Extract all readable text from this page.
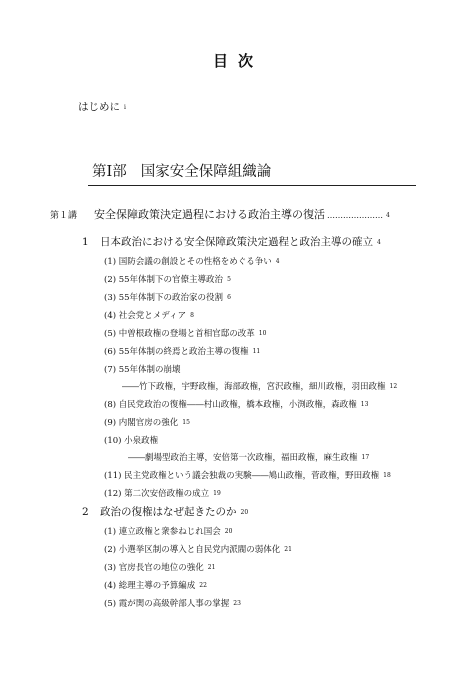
目次
はじめに i
第Ⅰ部 国家安全保障組織論
第１講 安全保障政策決定過程における政治主導の復活 ………………… 4
1 日本政治における安全保障政策決定過程と政治主導の確立 4
(1) 国防会議の創設とその性格をめぐる争い 4
(2) 55年体制下の官僚主導政治 5
(3) 55年体制下の政治家の役割 6
(4) 社会党とメディア 8
(5) 中曽根政権の登場と首相官邸の改革 10
(6) 55年体制の終焉と政治主導の復権 11
(7) 55年体制の崩壊
――竹下政権，宇野政権，海部政権，宮沢政権，細川政権，羽田政権 12
(8) 自民党政治の復権――村山政権，橋本政権，小渕政権，森政権 13
(9) 内閣官房の強化 15
(10) 小泉政権
――劇場型政治主導，安倍第一次政権，福田政権，麻生政権 17
(11) 民主党政権という議会独裁の実験――鳩山政権，菅政権，野田政権 18
(12) 第二次安倍政権の成立 19
2 政治の復権はなぜ起きたのか 20
(1) 連立政権と衆参ねじれ国会 20
(2) 小選挙区制の導入と自民党内派閥の弱体化 21
(3) 官房長官の地位の強化 21
(4) 総理主導の予算編成 22
(5) 霞が関の高級幹部人事の掌握 23
